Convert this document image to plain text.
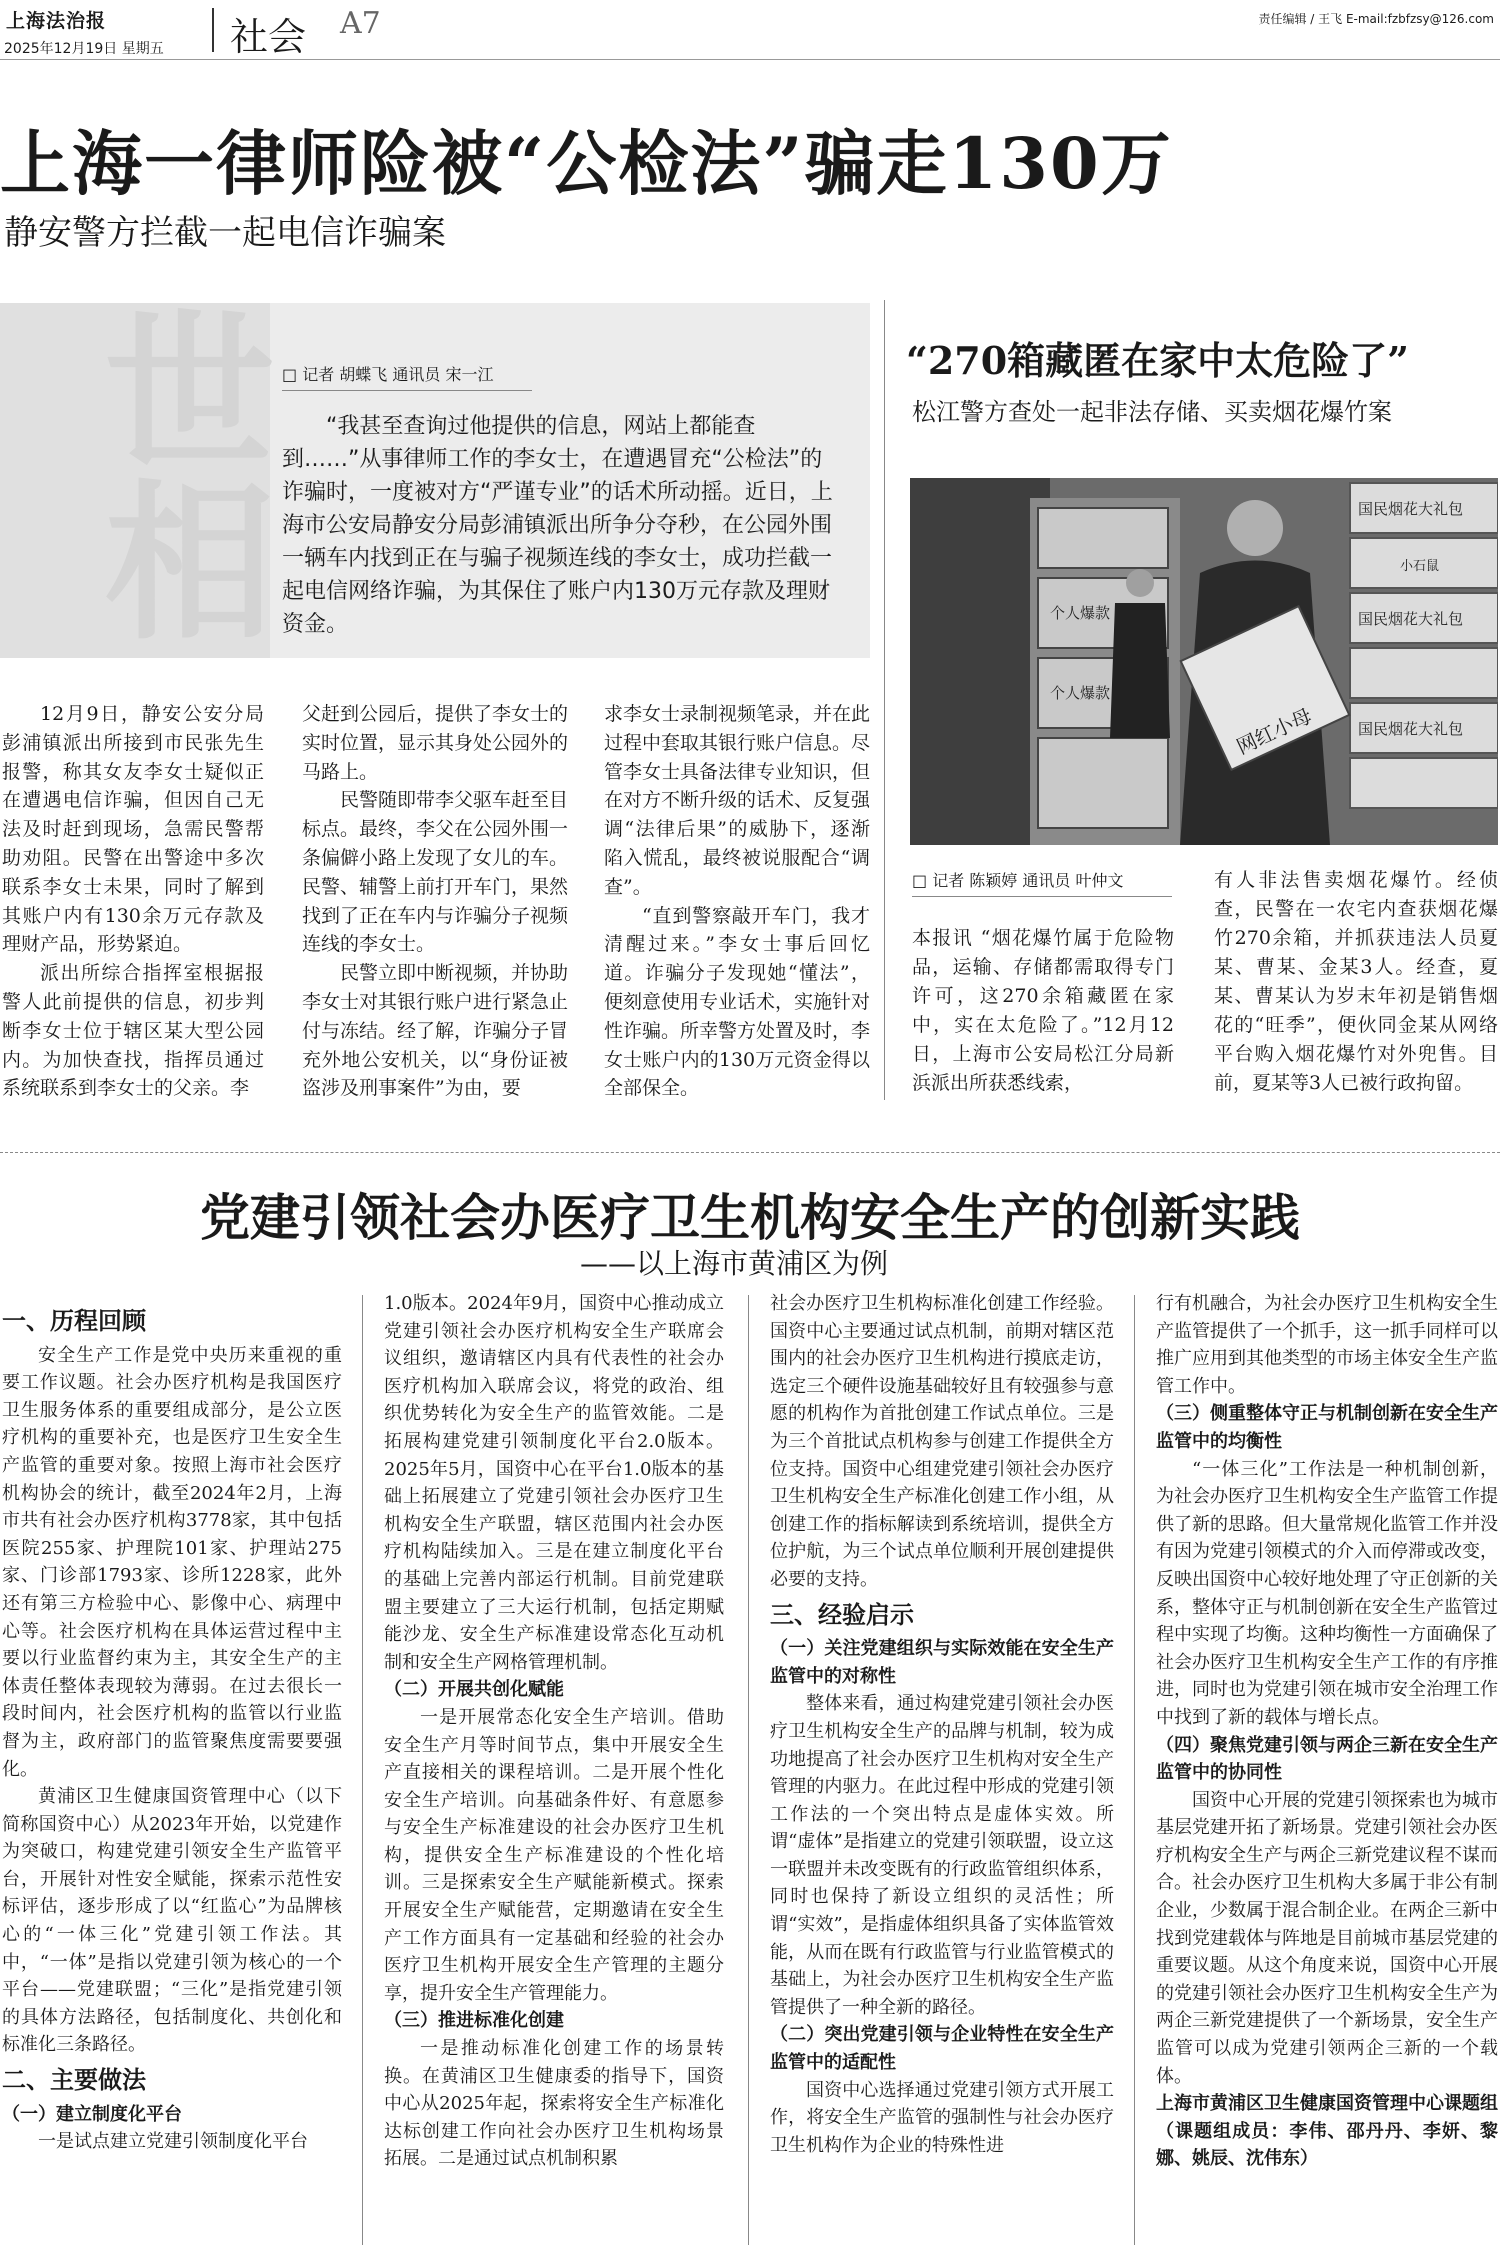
上海法治报
2025年12月19日 星期五 社会 A7	责任编辑 / 王飞 E-mail:fzbfzsy@126.com
上海一律师险被“公检法”骗走130万
静安警方拦截一起电信诈骗案
世相 □ 记者 胡蝶飞 通讯员 宋一江
“我甚至查询过他提供的信息，网站上都能查到……”从事律师工作的李女士，在遭遇冒充“公检法”的诈骗时，一度被对方“严谨专业”的话术所动摇。近日，上海市公安局静安分局彭浦镇派出所争分夺秒，在公园外围一辆车内找到正在与骗子视频连线的李女士，成功拦截一起电信网络诈骗，为其保住了账户内130万元存款及理财资金。

12月9日，静安公安分局彭浦镇派出所接到市民张先生报警，称其女友李女士疑似正在遭遇电信诈骗，但因自己无法及时赶到现场，急需民警帮助劝阻。民警在出警途中多次联系李女士未果，同时了解到其账户内有130余万元存款及理财产品，形势紧迫。

派出所综合指挥室根据报警人此前提供的信息，初步判断李女士位于辖区某大型公园内。为加快查找，指挥员通过系统联系到李女士的父亲。李

父赶到公园后，提供了李女士的实时位置，显示其身处公园外的马路上。

民警随即带李父驱车赶至目标点。最终，李父在公园外围一条偏僻小路上发现了女儿的车。民警、辅警上前打开车门，果然找到了正在车内与诈骗分子视频连线的李女士。

民警立即中断视频，并协助李女士对其银行账户进行紧急止付与冻结。经了解，诈骗分子冒充外地公安机关，以“身份证被盗涉及刑事案件”为由，要

求李女士录制视频笔录，并在此过程中套取其银行账户信息。尽管李女士具备法律专业知识，但在对方不断升级的话术、反复强调“法律后果”的威胁下，逐渐陷入慌乱，最终被说服配合“调查”。

“直到警察敲开车门，我才清醒过来。”李女士事后回忆道。诈骗分子发现她“懂法”，便刻意使用专业话术，实施针对性诈骗。所幸警方处置及时，李女士账户内的130万元资金得以全部保全。

“270箱藏匿在家中太危险了”
松江警方查处一起非法存储、买卖烟花爆竹案
国民烟花大礼包
国民烟花大礼包
国民烟花大礼包
小石鼠
个人爆款
个人爆款
网红小母
□ 记者 陈颖婷 通讯员 叶仲文
本报讯 “烟花爆竹属于危险物品，运输、存储都需取得专门许可，这270余箱藏匿在家中，实在太危险了。”12月12日，上海市公安局松江分局新浜派出所获悉线索，
有人非法售卖烟花爆竹。经侦查，民警在一农宅内查获烟花爆竹270余箱，并抓获违法人员夏某、曹某、金某3人。经查，夏某、曹某认为岁末年初是销售烟花的“旺季”，便伙同金某从网络平台购入烟花爆竹对外兜售。目前，夏某等3人已被行政拘留。
党建引领社会办医疗卫生机构安全生产的创新实践
——以上海市黄浦区为例
一、历程回顾

安全生产工作是党中央历来重视的重要工作议题。社会办医疗机构是我国医疗卫生服务体系的重要组成部分，是公立医疗机构的重要补充，也是医疗卫生安全生产监管的重要对象。按照上海市社会医疗机构协会的统计，截至2024年2月，上海市共有社会办医疗机构3778家，其中包括医院255家、护理院101家、护理站275家、门诊部1793家、诊所1228家，此外还有第三方检验中心、影像中心、病理中心等。社会医疗机构在具体运营过程中主要以行业监督约束为主，其安全生产的主体责任整体表现较为薄弱。在过去很长一段时间内，社会医疗机构的监管以行业监督为主，政府部门的监管聚焦度需要要强化。

黄浦区卫生健康国资管理中心（以下简称国资中心）从2023年开始，以党建作为突破口，构建党建引领安全生产监管平台，开展针对性安全赋能，探索示范性安标评估，逐步形成了以“红监心”为品牌核心的“一体三化”党建引领工作法。其中，“一体”是指以党建引领为核心的一个平台——党建联盟；“三化”是指党建引领的具体方法路径，包括制度化、共创化和标准化三条路径。

二、主要做法

（一）建立制度化平台

一是试点建立党建引领制度化平台

1.0版本。2024年9月，国资中心推动成立党建引领社会办医疗机构安全生产联席会议组织，邀请辖区内具有代表性的社会办医疗机构加入联席会议，将党的政治、组织优势转化为安全生产的监管效能。二是拓展构建党建引领制度化平台2.0版本。2025年5月，国资中心在平台1.0版本的基础上拓展建立了党建引领社会办医疗卫生机构安全生产联盟，辖区范围内社会办医疗机构陆续加入。三是在建立制度化平台的基础上完善内部运行机制。目前党建联盟主要建立了三大运行机制，包括定期赋能沙龙、安全生产标准建设常态化互动机制和安全生产网格管理机制。

（二）开展共创化赋能

一是开展常态化安全生产培训。借助安全生产月等时间节点，集中开展安全生产直接相关的课程培训。二是开展个性化安全生产培训。向基础条件好、有意愿参与安全生产标准建设的社会办医疗卫生机构，提供安全生产标准建设的个性化培训。三是探索安全生产赋能新模式。探索开展安全生产赋能营，定期邀请在安全生产工作方面具有一定基础和经验的社会办医疗卫生机构开展安全生产管理的主题分享，提升安全生产管理能力。

（三）推进标准化创建

一是推动标准化创建工作的场景转换。在黄浦区卫生健康委的指导下，国资中心从2025年起，探索将安全生产标准化达标创建工作向社会办医疗卫生机构场景拓展。二是通过试点机制积累

社会办医疗卫生机构标准化创建工作经验。国资中心主要通过试点机制，前期对辖区范围内的社会办医疗卫生机构进行摸底走访，选定三个硬件设施基础较好且有较强参与意愿的机构作为首批创建工作试点单位。三是为三个首批试点机构参与创建工作提供全方位支持。国资中心组建党建引领社会办医疗卫生机构安全生产标准化创建工作小组，从创建工作的指标解读到系统培训，提供全方位护航，为三个试点单位顺利开展创建提供必要的支持。

三、经验启示

（一）关注党建组织与实际效能在安全生产监管中的对称性

整体来看，通过构建党建引领社会办医疗卫生机构安全生产的品牌与机制，较为成功地提高了社会办医疗卫生机构对安全生产管理的内驱力。在此过程中形成的党建引领工作法的一个突出特点是虚体实效。所谓“虚体”是指建立的党建引领联盟，设立这一联盟并未改变既有的行政监管组织体系，同时也保持了新设立组织的灵活性；所谓“实效”，是指虚体组织具备了实体监管效能，从而在既有行政监管与行业监管模式的基础上，为社会办医疗卫生机构安全生产监管提供了一种全新的路径。

（二）突出党建引领与企业特性在安全生产监管中的适配性

国资中心选择通过党建引领方式开展工作，将安全生产监管的强制性与社会办医疗卫生机构作为企业的特殊性进

行有机融合，为社会办医疗卫生机构安全生产监管提供了一个抓手，这一抓手同样可以推广应用到其他类型的市场主体安全生产监管工作中。

（三）侧重整体守正与机制创新在安全生产监管中的均衡性

“一体三化”工作法是一种机制创新，为社会办医疗卫生机构安全生产监管工作提供了新的思路。但大量常规化监管工作并没有因为党建引领模式的介入而停滞或改变，反映出国资中心较好地处理了守正创新的关系，整体守正与机制创新在安全生产监管过程中实现了均衡。这种均衡性一方面确保了社会办医疗卫生机构安全生产工作的有序推进，同时也为党建引领在城市安全治理工作中找到了新的载体与增长点。

（四）聚焦党建引领与两企三新在安全生产监管中的协同性

国资中心开展的党建引领探索也为城市基层党建开拓了新场景。党建引领社会办医疗机构安全生产与两企三新党建议程不谋而合。社会办医疗卫生机构大多属于非公有制企业，少数属于混合制企业。在两企三新中找到党建载体与阵地是目前城市基层党建的重要议题。从这个角度来说，国资中心开展的党建引领社会办医疗卫生机构安全生产为两企三新党建提供了一个新场景，安全生产监管可以成为党建引领两企三新的一个载体。

上海市黄浦区卫生健康国资管理中心课题组（课题组成员：李伟、邵丹丹、李妍、黎娜、姚辰、沈伟东）
